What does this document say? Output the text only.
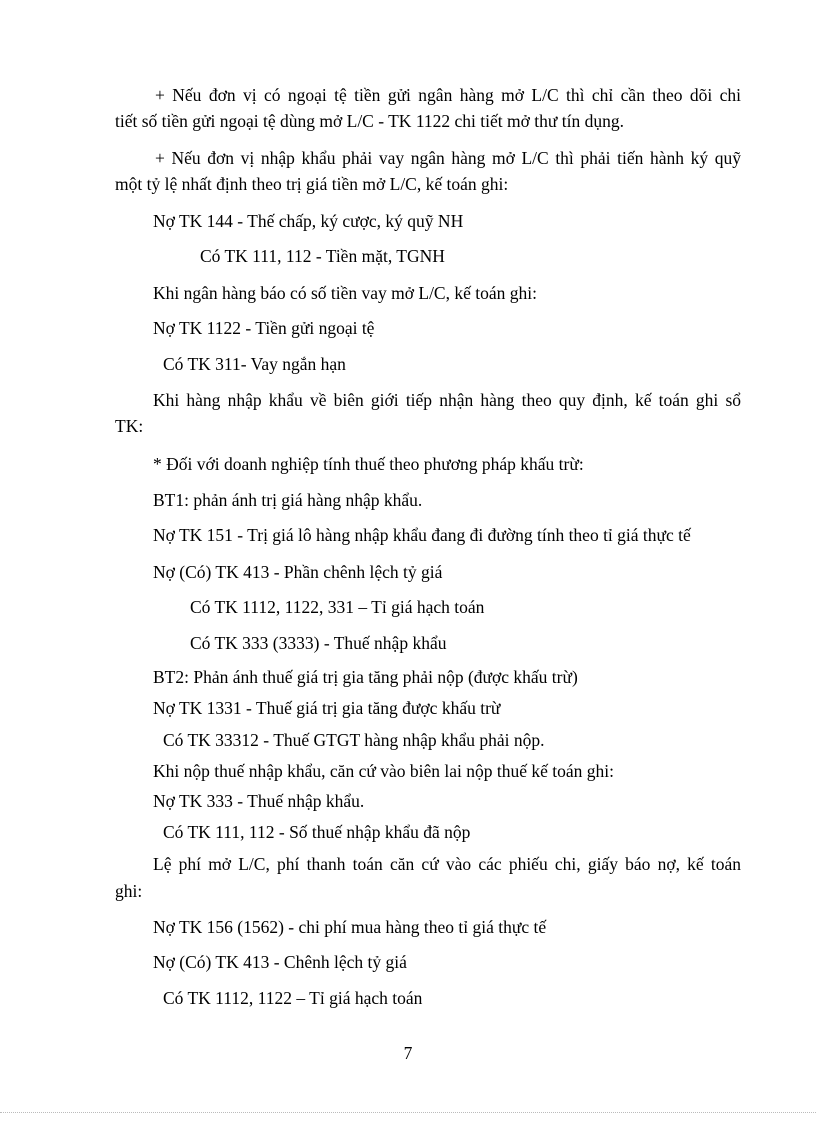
+ Nếu đơn vị có ngoại tệ tiền gửi ngân hàng mở L/C thì chỉ cần theo dõi chi
tiết số tiền gửi ngoại tệ dùng mở L/C - TK 1122 chi tiết mở thư tín dụng.
+ Nếu đơn vị nhập khẩu phải vay ngân hàng mở L/C thì phải tiến hành ký quỹ
một tỷ lệ nhất định theo trị giá tiền mở L/C, kế toán ghi:
Nợ TK 144 - Thế chấp, ký cược, ký quỹ NH
Có TK 111, 112 - Tiền mặt, TGNH
Khi ngân hàng báo có số tiền vay mở L/C, kế toán ghi:
Nợ TK 1122 - Tiền gửi ngoại tệ
Có TK 311- Vay ngắn hạn
Khi hàng nhập khẩu về biên giới tiếp nhận hàng theo quy định, kế toán ghi sổ
TK:
* Đối với doanh nghiệp tính thuế theo phương pháp khấu trừ:
BT1: phản ánh trị giá hàng nhập khẩu.
Nợ TK 151 - Trị giá lô hàng nhập khẩu đang đi đường tính theo tỉ giá thực tế
Nợ (Có) TK 413 - Phần chênh lệch tỷ giá
Có TK 1112, 1122, 331 – Tỉ giá hạch toán
Có TK 333 (3333) - Thuế nhập khẩu
BT2: Phản ánh thuế giá trị gia tăng phải nộp (được khấu trừ)
Nợ TK 1331 - Thuế giá trị gia tăng được khấu trừ
Có TK 33312 - Thuế GTGT hàng nhập khẩu phải nộp.
Khi nộp thuế nhập khẩu, căn cứ vào biên lai nộp thuế kế toán ghi:
Nợ TK 333 - Thuế nhập khẩu.
Có TK 111, 112 - Số thuế nhập khẩu đã nộp
Lệ phí mở L/C, phí thanh toán căn cứ vào các phiếu chi, giấy báo nợ, kế toán
ghi:
Nợ TK 156 (1562) - chi phí mua hàng theo tỉ giá thực tế
Nợ (Có) TK 413 - Chênh lệch tỷ giá
Có TK 1112, 1122 – Tỉ giá hạch toán
7
